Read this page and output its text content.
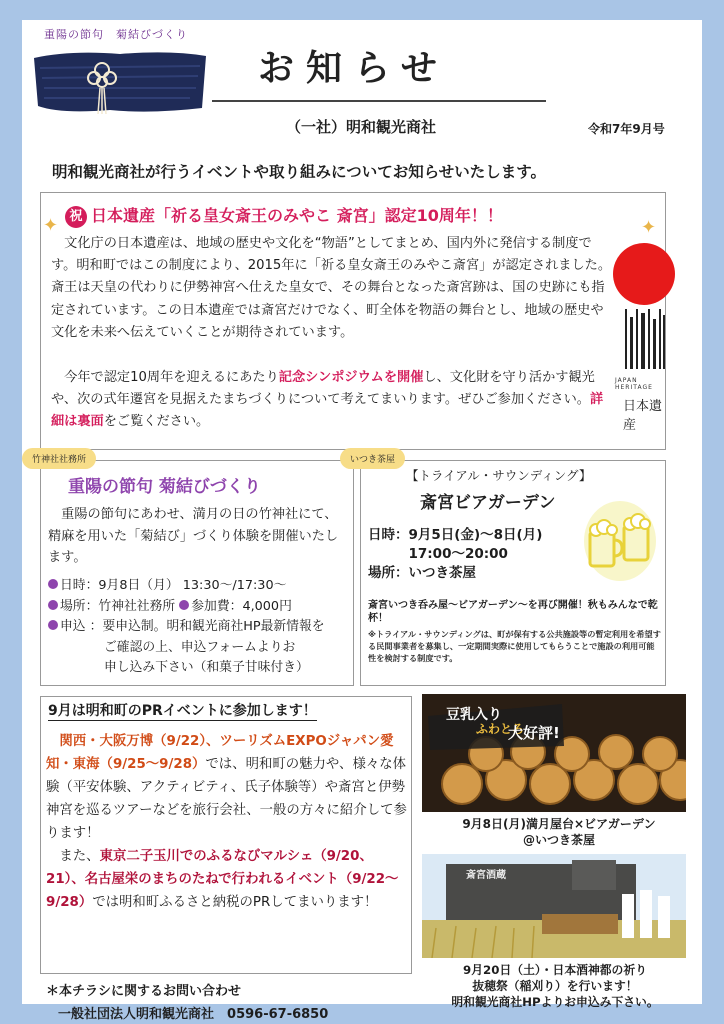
重陽の節句　菊結びづくり
お知らせ
（一社）明和観光商社	令和7年9月号
明和観光商社が行うイベントや取り組みについてお知らせいたします。
✦	✦
祝 日本遺産「祈る皇女斎王のみやこ 斎宮」認定10周年！！
　文化庁の日本遺産は、地域の歴史や文化を“物語”としてまとめ、国内外に発信する制度です。明和町ではこの制度により、2015年に「祈る皇女斎王のみやこ斎宮」が認定されました。斎王は天皇の代わりに伊勢神宮へ仕えた皇女で、その舞台となった斎宮跡は、国の史跡にも指定されています。この日本遺産では斎宮だけでなく、町全体を物語の舞台とし、地域の歴史や文化を未来へ伝えていくことが期待されています。
　今年で認定10周年を迎えるにあたり記念シンポジウムを開催し、文化財を守り活かす観光や、次の式年遷宮を見据えたまちづくりについて考えてまいります。ぜひご参加ください。詳細は裏面をご覧ください。
JAPAN HERITAGE
日本遺産
竹神社社務所
重陽の節句 菊結びづくり
　重陽の節句にあわせ、満月の日の竹神社にて、精麻を用いた「菊結び」づくり体験を開催いたします。
日時：9月8日（月） 13:30～/17:30～
場所：竹神社社務所 参加費：4,000円
申込 ：要申込制。明和観光商社HP最新情報を
ご確認の上、申込フォームよりお
申し込み下さい（和菓子甘味付き）
いつき茶屋
【トライアル・サウンディング】
斎宮ビアガーデン
日時：9月5日(金)～8日(月)
　　　17:00～20:00
場所：いつき茶屋
斎宮いつき呑み屋～ビアガーデン～を再び開催！秋もみんなで乾杯！
※トライアル・サウンディングは、町が保有する公共施設等の暫定利用を希望する民間事業者を募集し、一定期間実際に使用してもらうことで施設の利用可能性を検討する制度です。
9月は明和町のPRイベントに参加します！
　関西・大阪万博（9/22）、ツーリズムEXPOジャパン愛知・東海（9/25～9/28）では、明和町の魅力や、様々な体験（平安体験、アクティビティ、氏子体験等）や斎宮と伊勢神宮を巡るツアーなどを旅行会社、一般の方々に紹介して参ります！
　また、東京二子玉川でのふるなびマルシェ（9/20、21）、名古屋栄のまちのたねで行われるイベント（9/22～9/28）では明和町ふるさと納税のPRしてまいります！
豆乳入り
ふわとろ
大好評!
9月8日(月)満月屋台×ビアガーデン
@いつき茶屋
斎宮酒蔵
9月20日（土）・日本酒神都の祈り
抜穂祭（稲刈り）を行います！
明和観光商社HPよりお申込み下さい。
＊本チラシに関するお問い合わせ
一般社団法人明和観光商社　 0596-67-6850
